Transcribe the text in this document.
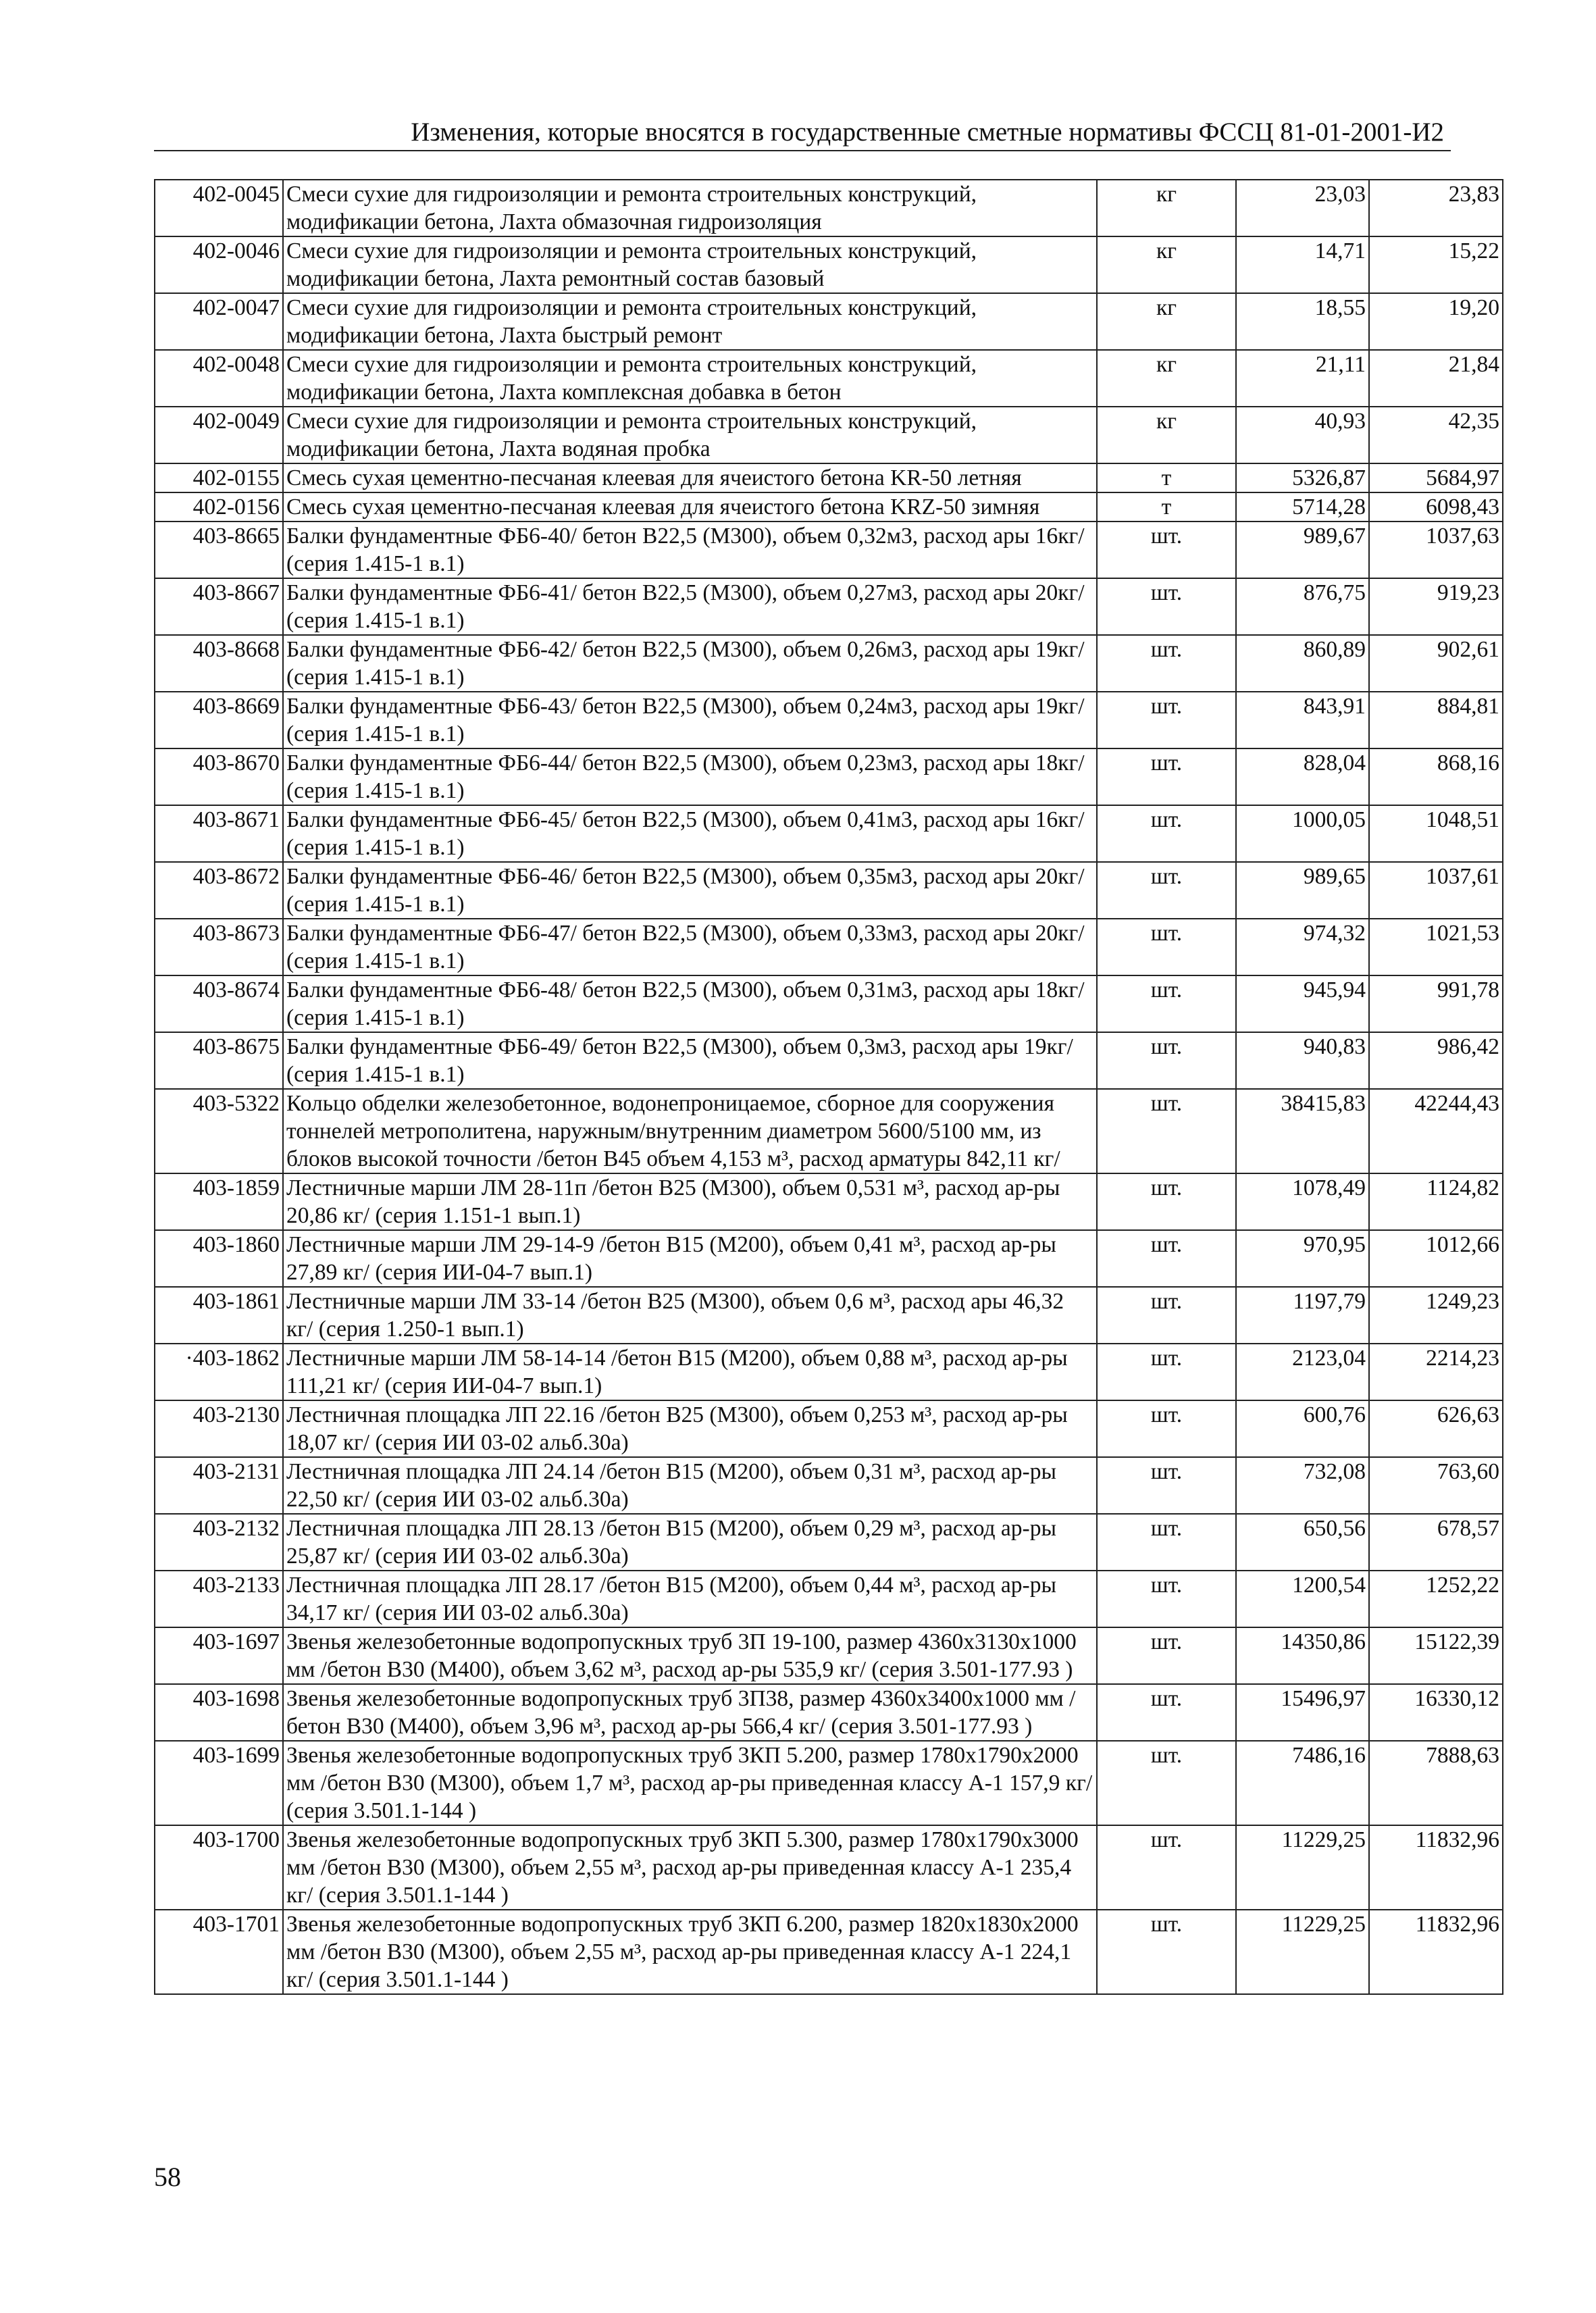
Изменения, которые вносятся в государственные сметные нормативы ФССЦ 81-01-2001-И2
402-0045	Смеси сухие для гидроизоляции и ремонта строительных конструкций, модификации бетона, Лахта обмазочная гидроизоляция	кг	23,03	23,83
402-0046	Смеси сухие для гидроизоляции и ремонта строительных конструкций, модификации бетона, Лахта ремонтный состав базовый	кг	14,71	15,22
402-0047	Смеси сухие для гидроизоляции и ремонта строительных конструкций, модификации бетона, Лахта быстрый ремонт	кг	18,55	19,20
402-0048	Смеси сухие для гидроизоляции и ремонта строительных конструкций, модификации бетона, Лахта комплексная добавка в бетон	кг	21,11	21,84
402-0049	Смеси сухие для гидроизоляции и ремонта строительных конструкций, модификации бетона, Лахта водяная пробка	кг	40,93	42,35
402-0155	Смесь сухая цементно-песчаная клеевая для ячеистого бетона KR-50 летняя	т	5326,87	5684,97
402-0156	Смесь сухая цементно-песчаная клеевая для ячеистого бетона KRZ-50 зимняя	т	5714,28	6098,43
403-8665	Балки фундаментные ФБ6-40/ бетон B22,5 (М300), объем 0,32м3, расход ары 16кг/ (серия 1.415-1 в.1)	шт.	989,67	1037,63
403-8667	Балки фундаментные ФБ6-41/ бетон B22,5 (М300), объем 0,27м3, расход ары 20кг/ (серия 1.415-1 в.1)	шт.	876,75	919,23
403-8668	Балки фундаментные ФБ6-42/ бетон B22,5 (М300), объем 0,26м3, расход ары 19кг/ (серия 1.415-1 в.1)	шт.	860,89	902,61
403-8669	Балки фундаментные ФБ6-43/ бетон B22,5 (М300), объем 0,24м3, расход ары 19кг/ (серия 1.415-1 в.1)	шт.	843,91	884,81
403-8670	Балки фундаментные ФБ6-44/ бетон B22,5 (М300), объем 0,23м3, расход ары 18кг/ (серия 1.415-1 в.1)	шт.	828,04	868,16
403-8671	Балки фундаментные ФБ6-45/ бетон B22,5 (М300), объем 0,41м3, расход ары 16кг/ (серия 1.415-1 в.1)	шт.	1000,05	1048,51
403-8672	Балки фундаментные ФБ6-46/ бетон B22,5 (М300), объем 0,35м3, расход ары 20кг/ (серия 1.415-1 в.1)	шт.	989,65	1037,61
403-8673	Балки фундаментные ФБ6-47/ бетон B22,5 (М300), объем 0,33м3, расход ары 20кг/ (серия 1.415-1 в.1)	шт.	974,32	1021,53
403-8674	Балки фундаментные ФБ6-48/ бетон B22,5 (М300), объем 0,31м3, расход ары 18кг/ (серия 1.415-1 в.1)	шт.	945,94	991,78
403-8675	Балки фундаментные ФБ6-49/ бетон B22,5 (М300), объем 0,3м3, расход ары 19кг/ (серия 1.415-1 в.1)	шт.	940,83	986,42
403-5322	Кольцо обделки железобетонное, водонепроницаемое, сборное для сооружения тоннелей метрополитена, наружным/внутренним диаметром 5600/5100 мм, из блоков высокой точности /бетон B45 объем 4,153 м³, расход арматуры 842,11 кг/	шт.	38415,83	42244,43
403-1859	Лестничные марши ЛМ 28-11п /бетон B25 (М300), объем 0,531 м³, расход ар-ры 20,86 кг/ (серия 1.151-1 вып.1)	шт.	1078,49	1124,82
403-1860	Лестничные марши ЛМ 29-14-9 /бетон B15 (М200), объем 0,41 м³, расход ар-ры 27,89 кг/ (серия ИИ-04-7 вып.1)	шт.	970,95	1012,66
403-1861	Лестничные марши ЛМ 33-14 /бетон B25 (М300), объем 0,6 м³, расход ары 46,32 кг/ (серия 1.250-1 вып.1)	шт.	1197,79	1249,23
·403-1862	Лестничные марши ЛМ 58-14-14 /бетон B15 (М200), объем 0,88 м³, расход ар-ры 111,21 кг/ (серия ИИ-04-7 вып.1)	шт.	2123,04	2214,23
403-2130	Лестничная площадка ЛП 22.16 /бетон B25 (М300), объем 0,253 м³, расход ар-ры 18,07 кг/ (серия ИИ 03-02 альб.30а)	шт.	600,76	626,63
403-2131	Лестничная площадка ЛП 24.14 /бетон B15 (М200), объем 0,31 м³, расход ар-ры 22,50 кг/ (серия ИИ 03-02 альб.30а)	шт.	732,08	763,60
403-2132	Лестничная площадка ЛП 28.13 /бетон B15 (М200), объем 0,29 м³, расход ар-ры 25,87 кг/ (серия ИИ 03-02 альб.30а)	шт.	650,56	678,57
403-2133	Лестничная площадка ЛП 28.17 /бетон B15 (М200), объем 0,44 м³, расход ар-ры 34,17 кг/ (серия ИИ 03-02 альб.30а)	шт.	1200,54	1252,22
403-1697	Звенья железобетонные водопропускных труб 3П 19-100, размер 4360х3130х1000 мм /бетон B30 (М400), объем 3,62 м³, расход ар-ры 535,9 кг/ (серия 3.501-177.93 )	шт.	14350,86	15122,39
403-1698	Звенья железобетонные водопропускных труб 3П38, размер 4360х3400х1000 мм /бетон B30 (М400), объем 3,96 м³, расход ар-ры 566,4 кг/ (серия 3.501-177.93 )	шт.	15496,97	16330,12
403-1699	Звенья железобетонные водопропускных труб 3КП 5.200, размер 1780х1790х2000 мм /бетон B30 (М300), объем 1,7 м³, расход ар-ры приведенная классу А-1 157,9 кг/ (серия 3.501.1-144 )	шт.	7486,16	7888,63
403-1700	Звенья железобетонные водопропускных труб 3КП 5.300, размер 1780х1790х3000 мм /бетон B30 (М300), объем 2,55 м³, расход ар-ры приведенная классу А-1 235,4 кг/ (серия 3.501.1-144 )	шт.	11229,25	11832,96
403-1701	Звенья железобетонные водопропускных труб 3КП 6.200, размер 1820х1830х2000 мм /бетон B30 (М300), объем 2,55 м³, расход ар-ры приведенная классу А-1 224,1 кг/ (серия 3.501.1-144 )	шт.	11229,25	11832,96
58
